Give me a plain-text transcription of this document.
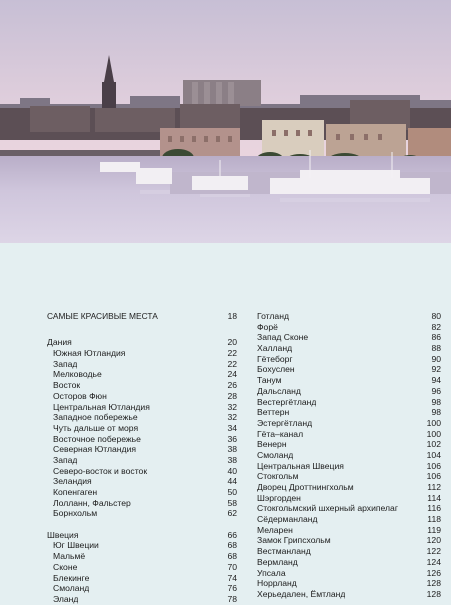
САМЫЕ КРАСИВЫЕ МЕСТА	18
Дания	20
Южная Ютландия	22
Запад	22
Мелководье	24
Восток	26
Осторов Фюн	28
Центральная Ютландия	32
Западное побережье	32
Чуть дальше от моря	34
Восточное побережье	36
Северная Ютландия	38
Запад	38
Северо-восток и восток	40
Зеландия	44
Копенгаген	50
Лолланн, Фальстер	58
Борнхольм	62
Швеция	66
Юг Швеции	68
Мальмё	68
Сконе	70
Блекинге	74
Смоланд	76
Эланд	78
Готланд	80
Форё	82
Запад Сконе	86
Халланд	88
Гётеборг	90
Бохуслен	92
Танум	94
Дальсланд	96
Вестергётланд	98
Веттерн	98
Эстергётланд	100
Гёта–канал	100
Венерн	102
Смоланд	104
Центральная Швеция	106
Стокгольм	106
Дворец Дроттнингхольм	112
Шэргорден	114
Стокгольмский шхерный архипелаг	116
Сёдерманланд	118
Меларен	119
Замок Грипсхольм	120
Вестманланд	122
Вермланд	124
Упсала	126
Норрланд	128
Херьедален, Ёмтланд	128
